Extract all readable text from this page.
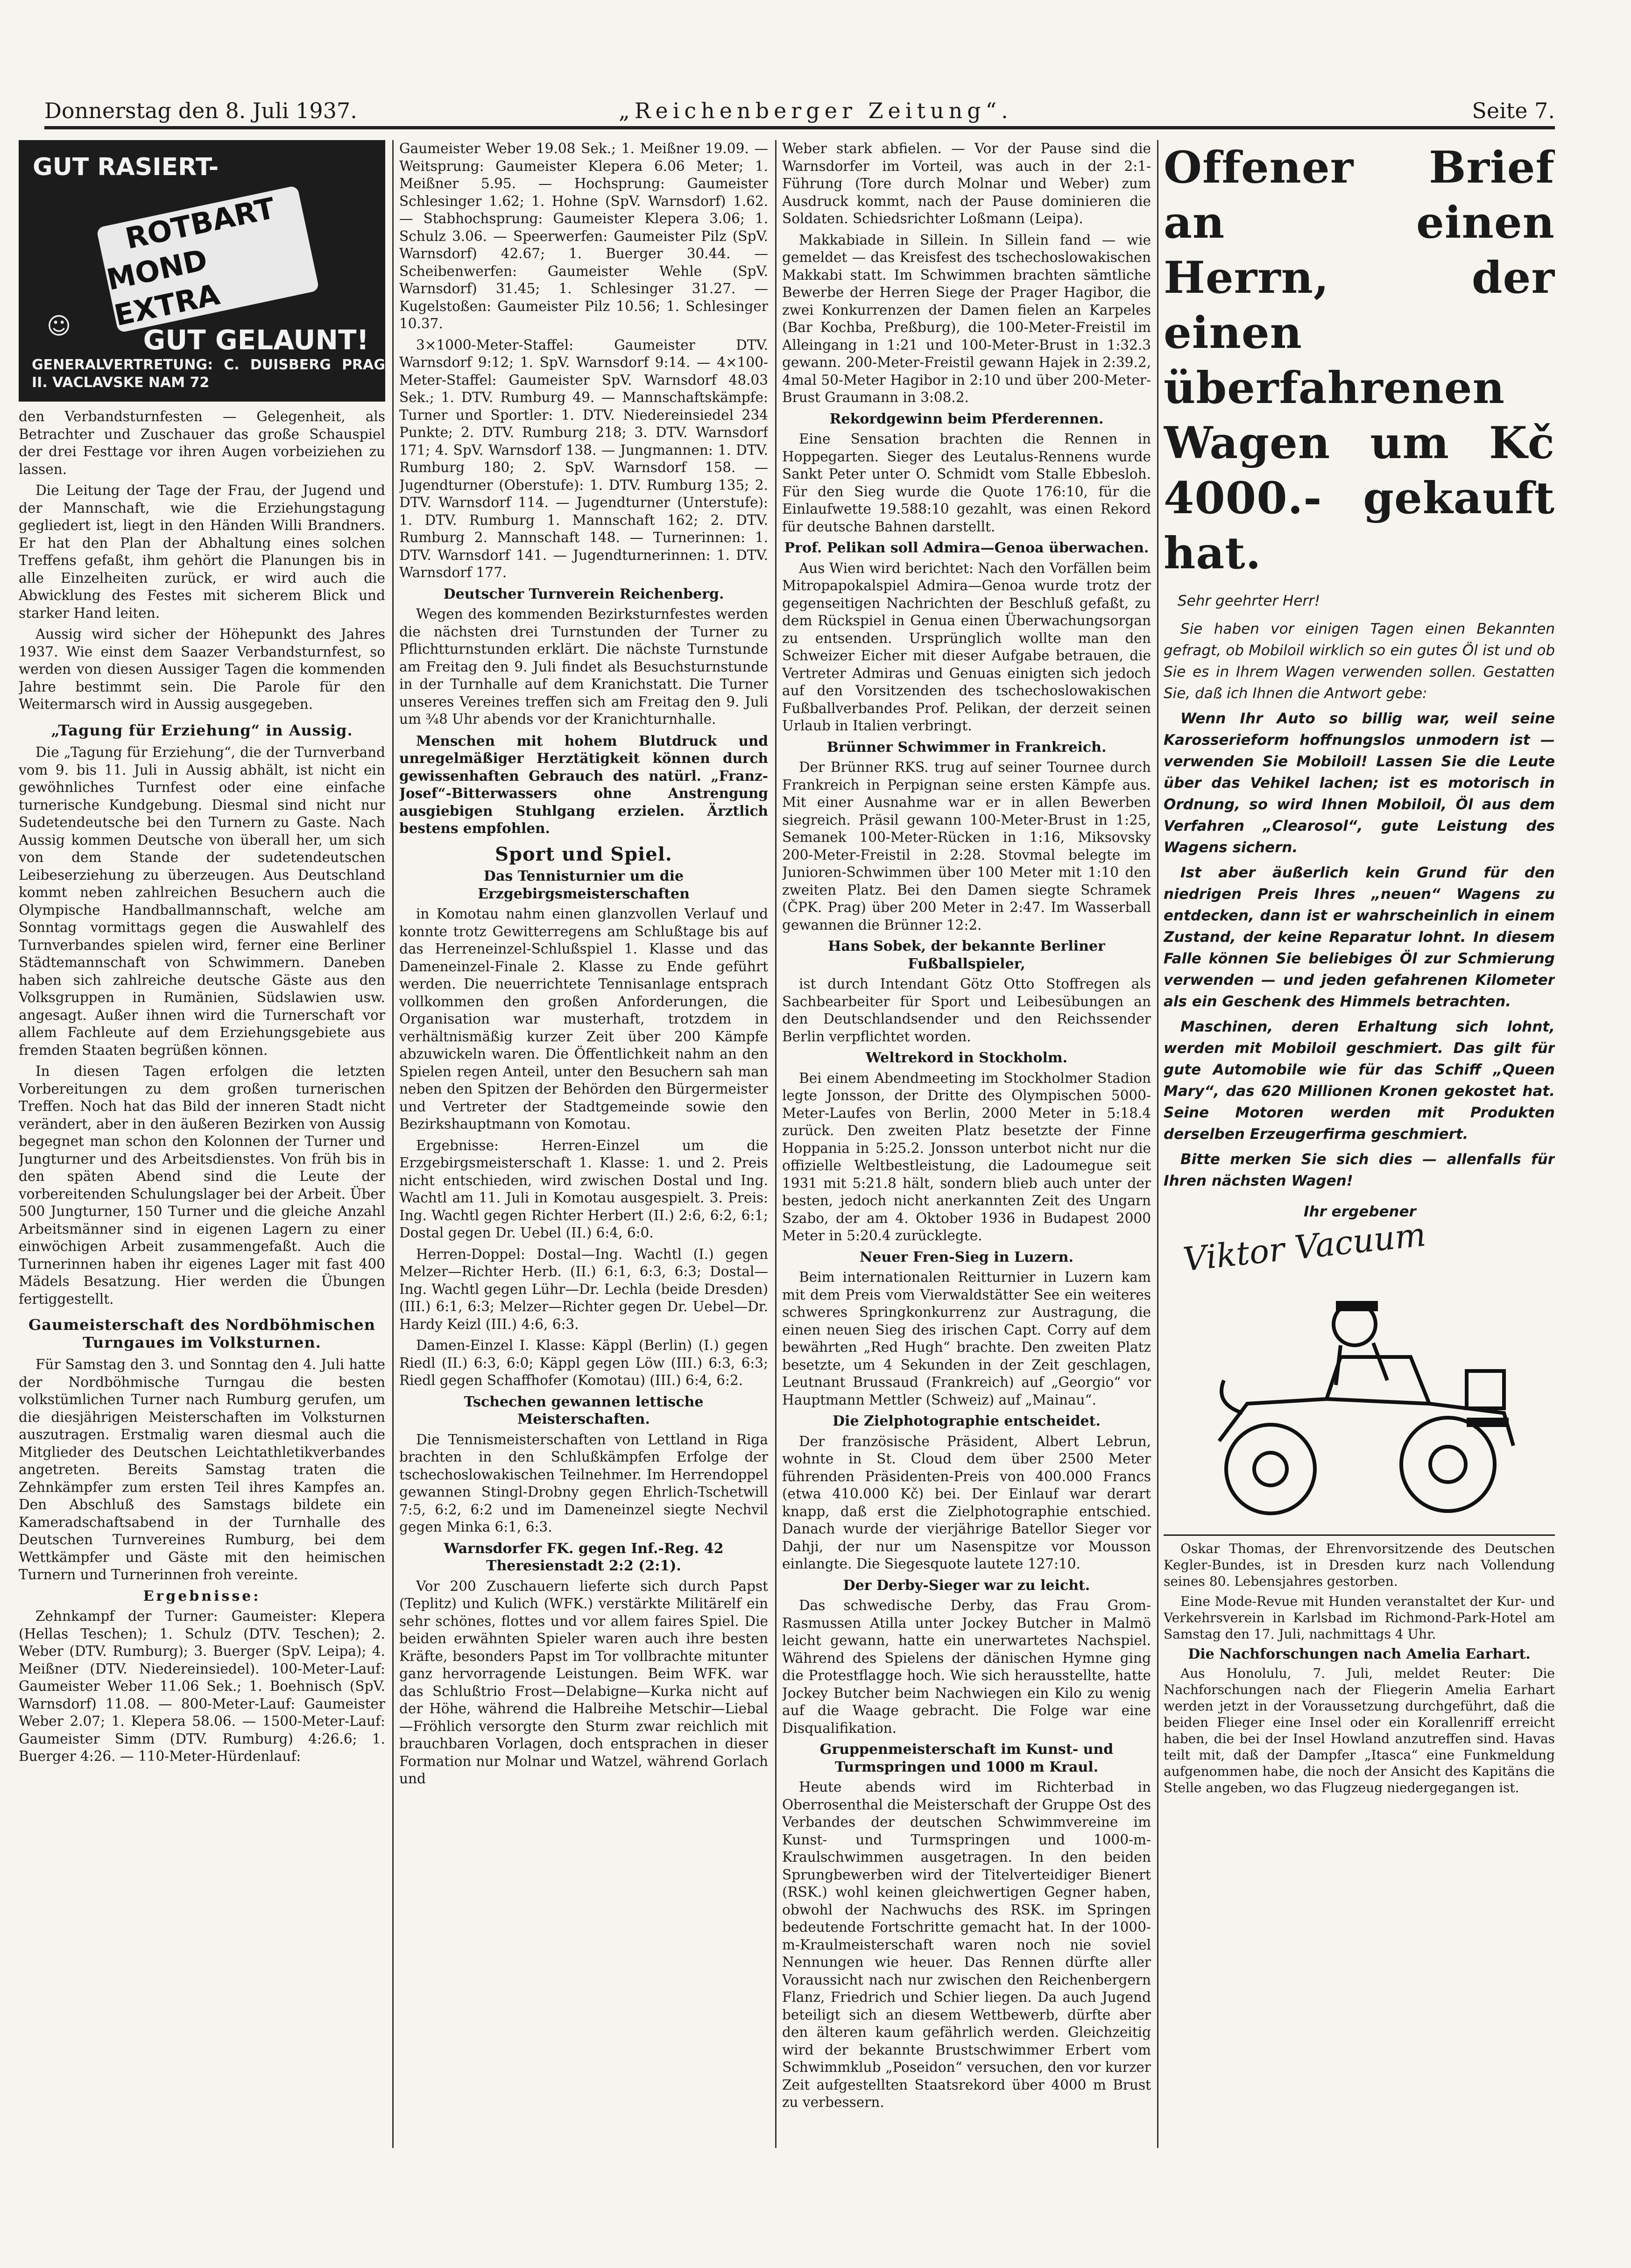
Donnerstag den 8. Juli 1937.	„Reichenberger Zeitung“.	Seite 7.
GUT RASIERT-
ROTBART
MOND EXTRA
☺	GUT GELAUNT!
GENERALVERTRETUNG: C. DUISBERG PRAG II. VACLAVSKE NAM 72

den Verbandsturnfesten — Gelegenheit, als Betrachter und Zuschauer das große Schauspiel der drei Festtage vor ihren Augen vorbeiziehen zu lassen.

Die Leitung der Tage der Frau, der Jugend und der Mannschaft, wie die Erziehungstagung gegliedert ist, liegt in den Händen Willi Brandners. Er hat den Plan der Abhaltung eines solchen Treffens gefaßt, ihm gehört die Planungen bis in alle Einzelheiten zurück, er wird auch die Abwicklung des Festes mit sicherem Blick und starker Hand leiten.

Aussig wird sicher der Höhepunkt des Jahres 1937. Wie einst dem Saazer Verbandsturnfest, so werden von diesen Aussiger Tagen die kommenden Jahre bestimmt sein. Die Parole für den Weitermarsch wird in Aussig ausgegeben.

„Tagung für Erziehung“ in Aussig.

Die „Tagung für Erziehung“, die der Turnverband vom 9. bis 11. Juli in Aussig abhält, ist nicht ein gewöhnliches Turnfest oder eine einfache turnerische Kundgebung. Diesmal sind nicht nur Sudetendeutsche bei den Turnern zu Gaste. Nach Aussig kommen Deutsche von überall her, um sich von dem Stande der sudetendeutschen Leibeserziehung zu überzeugen. Aus Deutschland kommt neben zahlreichen Besuchern auch die Olympische Handballmannschaft, welche am Sonntag vormittags gegen die Auswahlelf des Turnverbandes spielen wird, ferner eine Berliner Städtemannschaft von Schwimmern. Daneben haben sich zahlreiche deutsche Gäste aus den Volksgruppen in Rumänien, Südslawien usw. angesagt. Außer ihnen wird die Turnerschaft vor allem Fachleute auf dem Erziehungsgebiete aus fremden Staaten begrüßen können.

In diesen Tagen erfolgen die letzten Vorbereitungen zu dem großen turnerischen Treffen. Noch hat das Bild der inneren Stadt nicht verändert, aber in den äußeren Bezirken von Aussig begegnet man schon den Kolonnen der Turner und Jungturner und des Arbeitsdienstes. Von früh bis in den späten Abend sind die Leute der vorbereitenden Schulungslager bei der Arbeit. Über 500 Jungturner, 150 Turner und die gleiche Anzahl Arbeitsmänner sind in eigenen Lagern zu einer einwöchigen Arbeit zusammengefaßt. Auch die Turnerinnen haben ihr eigenes Lager mit fast 400 Mädels Besatzung. Hier werden die Übungen fertiggestellt.

Gaumeisterschaft des Nordböhmischen Turngaues im Volksturnen.

Für Samstag den 3. und Sonntag den 4. Juli hatte der Nordböhmische Turngau die besten volkstümlichen Turner nach Rumburg gerufen, um die diesjährigen Meisterschaften im Volksturnen auszutragen. Erstmalig waren diesmal auch die Mitglieder des Deutschen Leichtathletikverbandes angetreten. Bereits Samstag traten die Zehnkämpfer zum ersten Teil ihres Kampfes an. Den Abschluß des Samstags bildete ein Kameradschaftsabend in der Turnhalle des Deutschen Turnvereines Rumburg, bei dem Wettkämpfer und Gäste mit den heimischen Turnern und Turnerinnen froh vereinte.

Ergebnisse:

Zehnkampf der Turner: Gaumeister: Klepera (Hellas Teschen); 1. Schulz (DTV. Teschen); 2. Weber (DTV. Rumburg); 3. Buerger (SpV. Leipa); 4. Meißner (DTV. Niedereinsiedel). 100-Meter-Lauf: Gaumeister Weber 11.06 Sek.; 1. Boehnisch (SpV. Warnsdorf) 11.08. — 800-Meter-Lauf: Gaumeister Weber 2.07; 1. Klepera 58.06. — 1500-Meter-Lauf: Gaumeister Simm (DTV. Rumburg) 4:26.6; 1. Buerger 4:26. — 110-Meter-Hürdenlauf:

Gaumeister Weber 19.08 Sek.; 1. Meißner 19.09. — Weitsprung: Gaumeister Klepera 6.06 Meter; 1. Meißner 5.95. — Hochsprung: Gaumeister Schlesinger 1.62; 1. Hohne (SpV. Warnsdorf) 1.62. — Stabhochsprung: Gaumeister Klepera 3.06; 1. Schulz 3.06. — Speerwerfen: Gaumeister Pilz (SpV. Warnsdorf) 42.67; 1. Buerger 30.44. — Scheibenwerfen: Gaumeister Wehle (SpV. Warnsdorf) 31.45; 1. Schlesinger 31.27. — Kugelstoßen: Gaumeister Pilz 10.56; 1. Schlesinger 10.37.

3×1000-Meter-Staffel: Gaumeister DTV. Warnsdorf 9:12; 1. SpV. Warnsdorf 9:14. — 4×100-Meter-Staffel: Gaumeister SpV. Warnsdorf 48.03 Sek.; 1. DTV. Rumburg 49. — Mannschaftskämpfe: Turner und Sportler: 1. DTV. Niedereinsiedel 234 Punkte; 2. DTV. Rumburg 218; 3. DTV. Warnsdorf 171; 4. SpV. Warnsdorf 138. — Jungmannen: 1. DTV. Rumburg 180; 2. SpV. Warnsdorf 158. — Jugendturner (Oberstufe): 1. DTV. Rumburg 135; 2. DTV. Warnsdorf 114. — Jugendturner (Unterstufe): 1. DTV. Rumburg 1. Mannschaft 162; 2. DTV. Rumburg 2. Mannschaft 148. — Turnerinnen: 1. DTV. Warnsdorf 141. — Jugendturnerinnen: 1. DTV. Warnsdorf 177.

Deutscher Turnverein Reichenberg.

Wegen des kommenden Bezirksturnfestes werden die nächsten drei Turnstunden der Turner zu Pflichtturnstunden erklärt. Die nächste Turnstunde am Freitag den 9. Juli findet als Besuchsturnstunde in der Turnhalle auf dem Kranichstatt. Die Turner unseres Vereines treffen sich am Freitag den 9. Juli um ¾8 Uhr abends vor der Kranichturnhalle.

Menschen mit hohem Blutdruck und unregelmäßiger Herztätigkeit können durch gewissenhaften Gebrauch des natürl. „Franz-Josef“-Bitterwassers ohne Anstrengung ausgiebigen Stuhlgang erzielen. Ärztlich bestens empfohlen.

Sport und Spiel.
Das Tennisturnier um die Erzgebirgsmeisterschaften

in Komotau nahm einen glanzvollen Verlauf und konnte trotz Gewitterregens am Schlußtage bis auf das Herreneinzel-Schlußspiel 1. Klasse und das Dameneinzel-Finale 2. Klasse zu Ende geführt werden. Die neuerrichtete Tennisanlage entsprach vollkommen den großen Anforderungen, die Organisation war musterhaft, trotzdem in verhältnismäßig kurzer Zeit über 200 Kämpfe abzuwickeln waren. Die Öffentlichkeit nahm an den Spielen regen Anteil, unter den Besuchern sah man neben den Spitzen der Behörden den Bürgermeister und Vertreter der Stadtgemeinde sowie den Bezirkshauptmann von Komotau.

Ergebnisse: Herren-Einzel um die Erzgebirgsmeisterschaft 1. Klasse: 1. und 2. Preis nicht entschieden, wird zwischen Dostal und Ing. Wachtl am 11. Juli in Komotau ausgespielt. 3. Preis: Ing. Wachtl gegen Richter Herbert (II.) 2:6, 6:2, 6:1; Dostal gegen Dr. Uebel (II.) 6:4, 6:0.

Herren-Doppel: Dostal—Ing. Wachtl (I.) gegen Melzer—Richter Herb. (II.) 6:1, 6:3, 6:3; Dostal—Ing. Wachtl gegen Lühr—Dr. Lechla (beide Dresden) (III.) 6:1, 6:3; Melzer—Richter gegen Dr. Uebel—Dr. Hardy Keizl (III.) 4:6, 6:3.

Damen-Einzel I. Klasse: Käppl (Berlin) (I.) gegen Riedl (II.) 6:3, 6:0; Käppl gegen Löw (III.) 6:3, 6:3; Riedl gegen Schaffhofer (Komotau) (III.) 6:4, 6:2.

Tschechen gewannen lettische Meisterschaften.

Die Tennismeisterschaften von Lettland in Riga brachten in den Schlußkämpfen Erfolge der tschechoslowakischen Teilnehmer. Im Herrendoppel gewannen Stingl-Drobny gegen Ehrlich-Tschetwill 7:5, 6:2, 6:2 und im Dameneinzel siegte Nechvil gegen Minka 6:1, 6:3.

Warnsdorfer FK. gegen Inf.-Reg. 42 Theresienstadt 2:2 (2:1).

Vor 200 Zuschauern lieferte sich durch Papst (Teplitz) und Kulich (WFK.) verstärkte Militärelf ein sehr schönes, flottes und vor allem faires Spiel. Die beiden erwähnten Spieler waren auch ihre besten Kräfte, besonders Papst im Tor vollbrachte mitunter ganz hervorragende Leistungen. Beim WFK. war das Schlußtrio Frost—Delabigne—Kurka nicht auf der Höhe, während die Halbreihe Metschir—Liebal—Fröhlich versorgte den Sturm zwar reichlich mit brauchbaren Vorlagen, doch entsprachen in dieser Formation nur Molnar und Watzel, während Gorlach und

Weber stark abfielen. — Vor der Pause sind die Warnsdorfer im Vorteil, was auch in der 2:1-Führung (Tore durch Molnar und Weber) zum Ausdruck kommt, nach der Pause dominieren die Soldaten. Schiedsrichter Loßmann (Leipa).

Makkabiade in Sillein. In Sillein fand — wie gemeldet — das Kreisfest des tschechoslowakischen Makkabi statt. Im Schwimmen brachten sämtliche Bewerbe der Herren Siege der Prager Hagibor, die zwei Konkurrenzen der Damen fielen an Karpeles (Bar Kochba, Preßburg), die 100-Meter-Freistil im Alleingang in 1:21 und 100-Meter-Brust in 1:32.3 gewann. 200-Meter-Freistil gewann Hajek in 2:39.2, 4mal 50-Meter Hagibor in 2:10 und über 200-Meter-Brust Graumann in 3:08.2.

Rekordgewinn beim Pferderennen.

Eine Sensation brachten die Rennen in Hoppegarten. Sieger des Leutalus-Rennens wurde Sankt Peter unter O. Schmidt vom Stalle Ebbesloh. Für den Sieg wurde die Quote 176:10, für die Einlaufwette 19.588:10 gezahlt, was einen Rekord für deutsche Bahnen darstellt.

Prof. Pelikan soll Admira—Genoa überwachen.

Aus Wien wird berichtet: Nach den Vorfällen beim Mitropapokalspiel Admira—Genoa wurde trotz der gegenseitigen Nachrichten der Beschluß gefaßt, zu dem Rückspiel in Genua einen Überwachungsorgan zu entsenden. Ursprünglich wollte man den Schweizer Eicher mit dieser Aufgabe betrauen, die Vertreter Admiras und Genuas einigten sich jedoch auf den Vorsitzenden des tschechoslowakischen Fußballverbandes Prof. Pelikan, der derzeit seinen Urlaub in Italien verbringt.

Brünner Schwimmer in Frankreich.

Der Brünner RKS. trug auf seiner Tournee durch Frankreich in Perpignan seine ersten Kämpfe aus. Mit einer Ausnahme war er in allen Bewerben siegreich. Präsil gewann 100-Meter-Brust in 1:25, Semanek 100-Meter-Rücken in 1:16, Miksovsky 200-Meter-Freistil in 2:28. Stovmal belegte im Junioren-Schwimmen über 100 Meter mit 1:10 den zweiten Platz. Bei den Damen siegte Schramek (ČPK. Prag) über 200 Meter in 2:47. Im Wasserball gewannen die Brünner 12:2.

Hans Sobek, der bekannte Berliner Fußballspieler,

ist durch Intendant Götz Otto Stoffregen als Sachbearbeiter für Sport und Leibesübungen an den Deutschlandsender und den Reichssender Berlin verpflichtet worden.

Weltrekord in Stockholm.

Bei einem Abendmeeting im Stockholmer Stadion legte Jonsson, der Dritte des Olympischen 5000-Meter-Laufes von Berlin, 2000 Meter in 5:18.4 zurück. Den zweiten Platz besetzte der Finne Hoppania in 5:25.2. Jonsson unterbot nicht nur die offizielle Weltbestleistung, die Ladoumegue seit 1931 mit 5:21.8 hält, sondern blieb auch unter der besten, jedoch nicht anerkannten Zeit des Ungarn Szabo, der am 4. Oktober 1936 in Budapest 2000 Meter in 5:20.4 zurücklegte.

Neuer Fren-Sieg in Luzern.

Beim internationalen Reitturnier in Luzern kam mit dem Preis vom Vierwaldstätter See ein weiteres schweres Springkonkurrenz zur Austragung, die einen neuen Sieg des irischen Capt. Corry auf dem bewährten „Red Hugh“ brachte. Den zweiten Platz besetzte, um 4 Sekunden in der Zeit geschlagen, Leutnant Brussaud (Frankreich) auf „Georgio“ vor Hauptmann Mettler (Schweiz) auf „Mainau“.

Die Zielphotographie entscheidet.

Der französische Präsident, Albert Lebrun, wohnte in St. Cloud dem über 2500 Meter führenden Präsidenten-Preis von 400.000 Francs (etwa 410.000 Kč) bei. Der Einlauf war derart knapp, daß erst die Zielphotographie entschied. Danach wurde der vierjährige Batellor Sieger vor Dahji, der nur um Nasenspitze vor Mousson einlangte. Die Siegesquote lautete 127:10.

Der Derby-Sieger war zu leicht.

Das schwedische Derby, das Frau Grom-Rasmussen Atilla unter Jockey Butcher in Malmö leicht gewann, hatte ein unerwartetes Nachspiel. Während des Spielens der dänischen Hymne ging die Protestflagge hoch. Wie sich herausstellte, hatte Jockey Butcher beim Nachwiegen ein Kilo zu wenig auf die Waage gebracht. Die Folge war eine Disqualifikation.

Gruppenmeisterschaft im Kunst- und Turmspringen und 1000 m Kraul.

Heute abends wird im Richterbad in Oberrosenthal die Meisterschaft der Gruppe Ost des Verbandes der deutschen Schwimmvereine im Kunst- und Turmspringen und 1000-m-Kraulschwimmen ausgetragen. In den beiden Sprungbewerben wird der Titelverteidiger Bienert (RSK.) wohl keinen gleichwertigen Gegner haben, obwohl der Nachwuchs des RSK. im Springen bedeutende Fortschritte gemacht hat. In der 1000-m-Kraulmeisterschaft waren noch nie soviel Nennungen wie heuer. Das Rennen dürfte aller Voraussicht nach nur zwischen den Reichenbergern Flanz, Friedrich und Schier liegen. Da auch Jugend beteiligt sich an diesem Wettbewerb, dürfte aber den älteren kaum gefährlich werden. Gleichzeitig wird der bekannte Brustschwimmer Erbert vom Schwimmklub „Poseidon“ versuchen, den vor kurzer Zeit aufgestellten Staatsrekord über 4000 m Brust zu verbessern.

Offener Brief an einen Herrn, der einen überfahrenen Wagen um Kč 4000.- gekauft hat.
Sehr geehrter Herr!
Sie haben vor einigen Tagen einen Bekannten gefragt, ob Mobiloil wirklich so ein gutes Öl ist und ob Sie es in Ihrem Wagen verwenden sollen. Gestatten Sie, daß ich Ihnen die Antwort gebe:
Wenn Ihr Auto so billig war, weil seine Karosserieform hoffnungslos unmodern ist — verwenden Sie Mobiloil! Lassen Sie die Leute über das Vehikel lachen; ist es motorisch in Ordnung, so wird Ihnen Mobiloil, Öl aus dem Verfahren „Clearosol“, gute Leistung des Wagens sichern.
Ist aber äußerlich kein Grund für den niedrigen Preis Ihres „neuen“ Wagens zu entdecken, dann ist er wahrscheinlich in einem Zustand, der keine Reparatur lohnt. In diesem Falle können Sie beliebiges Öl zur Schmierung verwenden — und jeden gefahrenen Kilometer als ein Geschenk des Himmels betrachten.
Maschinen, deren Erhaltung sich lohnt, werden mit Mobiloil geschmiert. Das gilt für gute Automobile wie für das Schiff „Queen Mary“, das 620 Millionen Kronen gekostet hat. Seine Motoren werden mit Produkten derselben Erzeugerfirma geschmiert.
Bitte merken Sie sich dies — allenfalls für Ihren nächsten Wagen!
Ihr ergebener
Viktor Vacuum

Oskar Thomas, der Ehrenvorsitzende des Deutschen Kegler-Bundes, ist in Dresden kurz nach Vollendung seines 80. Lebensjahres gestorben.

Eine Mode-Revue mit Hunden veranstaltet der Kur- und Verkehrsverein in Karlsbad im Richmond-Park-Hotel am Samstag den 17. Juli, nachmittags 4 Uhr.

Die Nachforschungen nach Amelia Earhart.

Aus Honolulu, 7. Juli, meldet Reuter: Die Nachforschungen nach der Fliegerin Amelia Earhart werden jetzt in der Voraussetzung durchgeführt, daß die beiden Flieger eine Insel oder ein Korallenriff erreicht haben, die bei der Insel Howland anzutreffen sind. Havas teilt mit, daß der Dampfer „Itasca“ eine Funkmeldung aufgenommen habe, die noch der Ansicht des Kapitäns die Stelle angeben, wo das Flugzeug niedergegangen ist.
